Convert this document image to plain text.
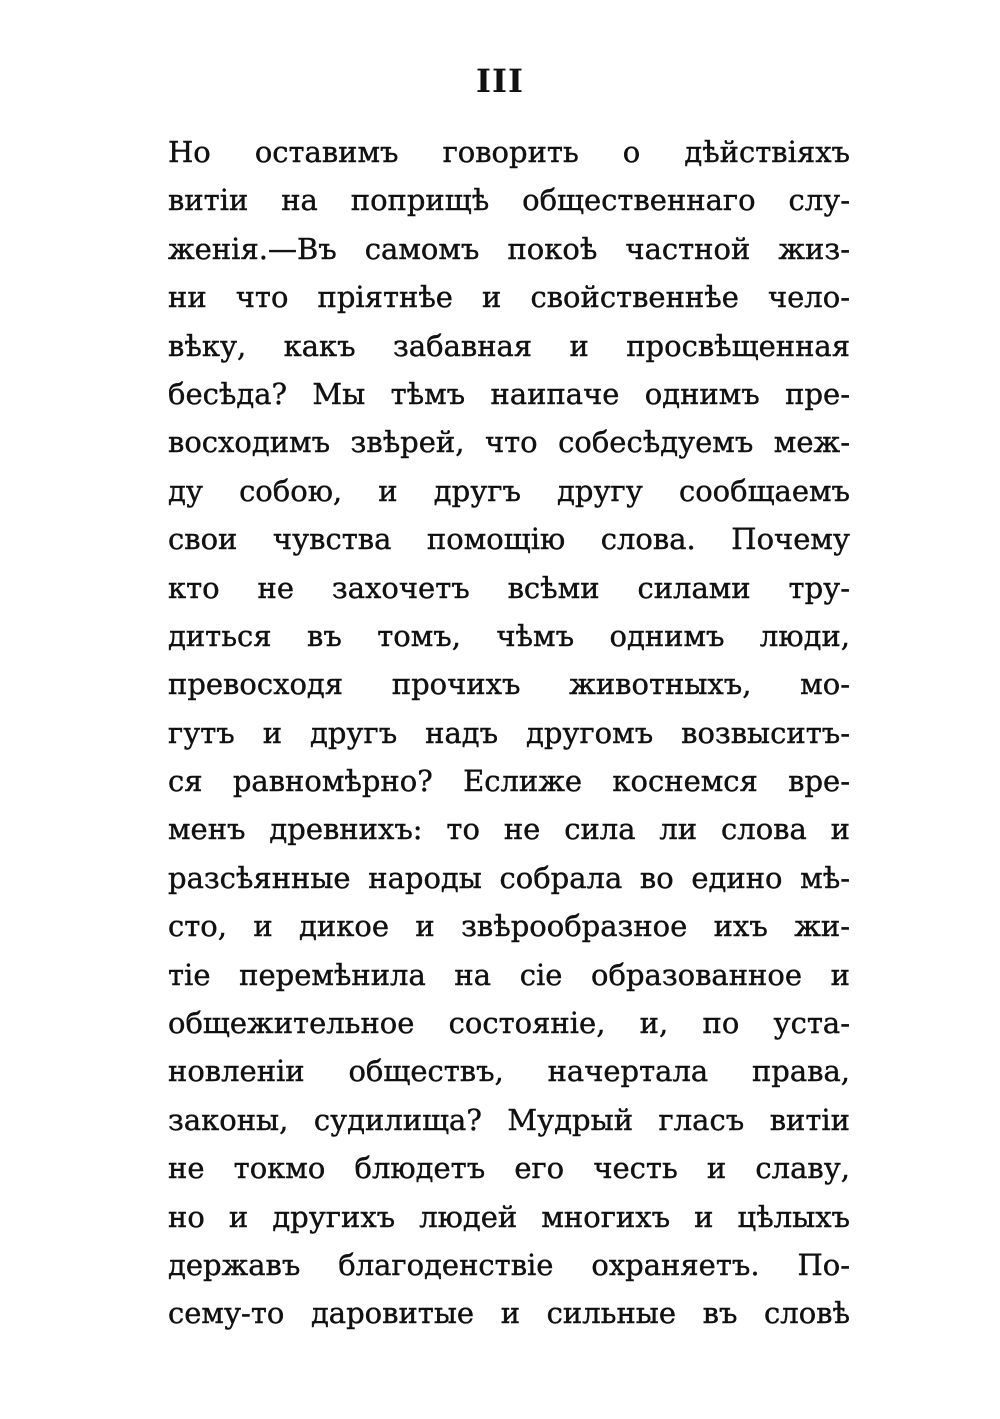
III
Но оставимъ говорить о дѣйствіяхъ
витіи на поприщѣ общественнаго слу-
женія.—Въ самомъ покоѣ частной жиз-
ни что пріятнѣе и свойственнѣе чело-
вѣку, какъ забавная и просвѣщенная
бесѣда? Мы тѣмъ наипаче однимъ пре-
восходимъ звѣрей, что собесѣдуемъ меж-
ду собою, и другъ другу сообщаемъ
свои чувства помощію слова. Почему
кто не захочетъ всѣми силами тру-
диться въ томъ, чѣмъ однимъ люди,
превосходя прочихъ животныхъ, мо-
гутъ и другъ надъ другомъ возвыситъ-
ся равномѣрно? Еслиже коснемся вре-
менъ древнихъ: то не сила ли слова и
разсѣянные народы собрала во едино мѣ-
сто, и дикое и звѣрообразное ихъ жи-
тіе перемѣнила на сіе образованное и
общежительное состояніе, и, по уста-
новленіи обществъ, начертала права,
законы, судилища? Мудрый гласъ витіи
не токмо блюдетъ его честь и славу,
но и другихъ людей многихъ и цѣлыхъ
державъ благоденствіе охраняетъ. По-
сему-то даровитые и сильные въ словѣ
